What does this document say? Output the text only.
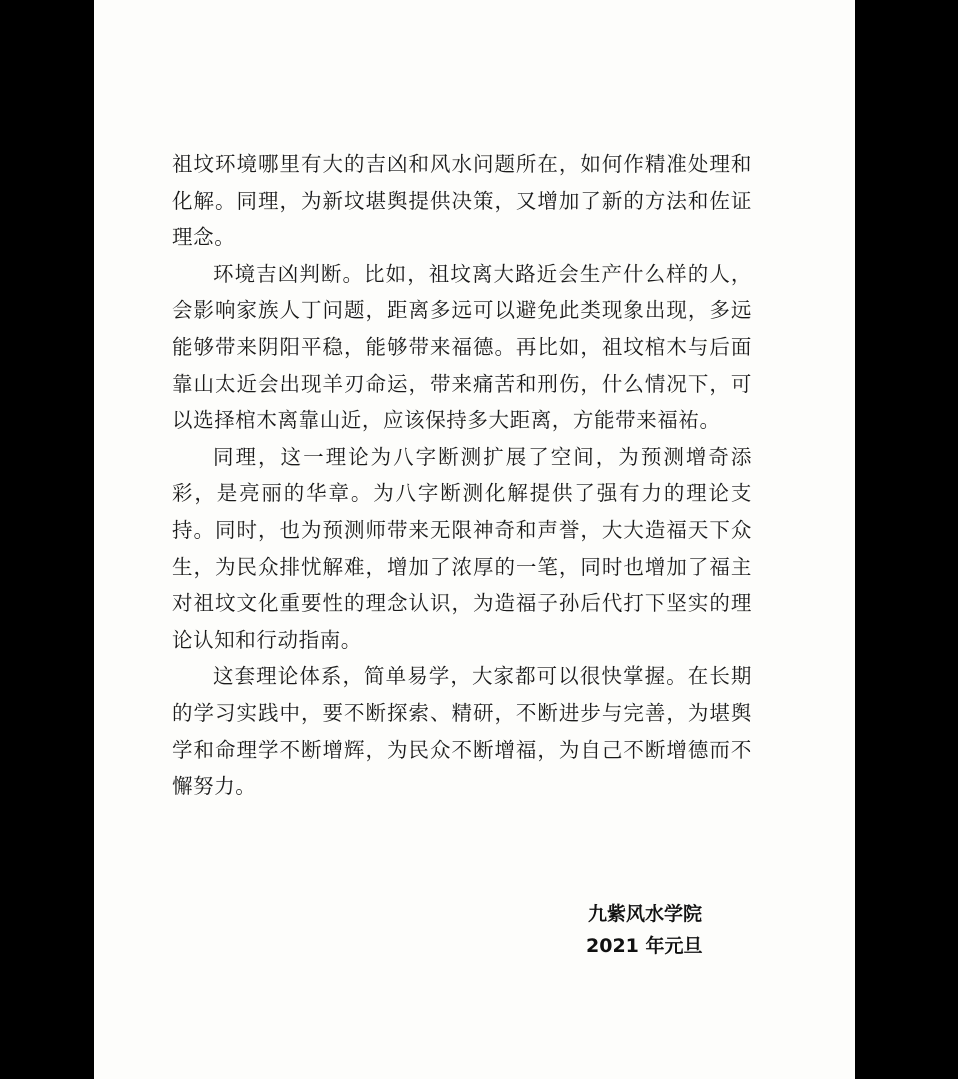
祖坟环境哪里有大的吉凶和风水问题所在，如何作精准处理和化解。同理，为新坟堪舆提供决策，又增加了新的方法和佐证理念。

环境吉凶判断。比如，祖坟离大路近会生产什么样的人，会影响家族人丁问题，距离多远可以避免此类现象出现，多远能够带来阴阳平稳，能够带来福德。再比如，祖坟棺木与后面靠山太近会出现羊刃命运，带来痛苦和刑伤，什么情况下，可以选择棺木离靠山近，应该保持多大距离，方能带来福祐。

同理，这一理论为八字断测扩展了空间，为预测增奇添彩，是亮丽的华章。为八字断测化解提供了强有力的理论支持。同时，也为预测师带来无限神奇和声誉，大大造福天下众生，为民众排忧解难，增加了浓厚的一笔，同时也增加了福主对祖坟文化重要性的理念认识，为造福子孙后代打下坚实的理论认知和行动指南。

这套理论体系，简单易学，大家都可以很快掌握。在长期的学习实践中，要不断探索、精研，不断进步与完善，为堪舆学和命理学不断增辉，为民众不断增福，为自己不断增德而不懈努力。

九紫风水学院
2021 年元旦
